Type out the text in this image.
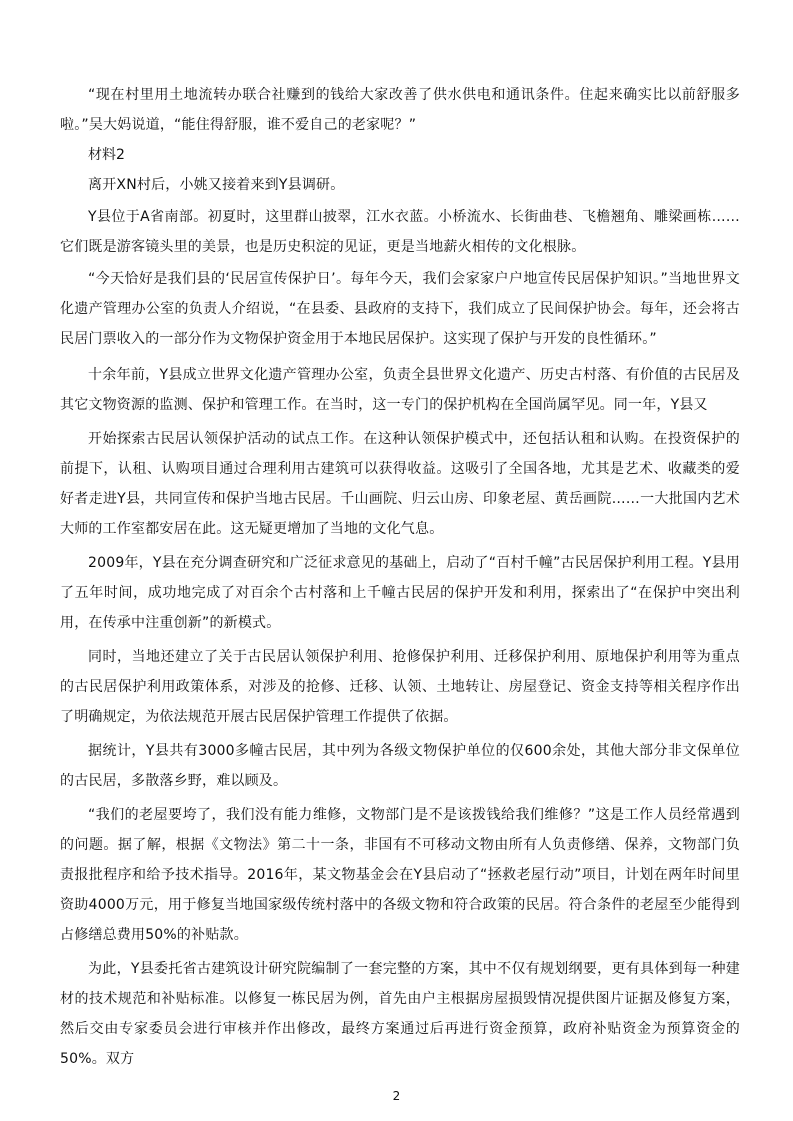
“现在村里用土地流转办联合社赚到的钱给大家改善了供水供电和通讯条件。住起来确实比以前舒服多啦。”吴大妈说道，“能住得舒服，谁不爱自己的老家呢？”

材料2

离开XN村后，小姚又接着来到Y县调研。

Y县位于A省南部。初夏时，这里群山披翠，江水衣蓝。小桥流水、长街曲巷、飞檐翘角、雕梁画栋……它们既是游客镜头里的美景，也是历史积淀的见证，更是当地薪火相传的文化根脉。

“今天恰好是我们县的‘民居宣传保护日’。每年今天，我们会家家户户地宣传民居保护知识。”当地世界文化遗产管理办公室的负责人介绍说，“在县委、县政府的支持下，我们成立了民间保护协会。每年，还会将古民居门票收入的一部分作为文物保护资金用于本地民居保护。这实现了保护与开发的良性循环。”

十余年前，Y县成立世界文化遗产管理办公室，负责全县世界文化遗产、历史古村落、有价值的古民居及其它文物资源的监测、保护和管理工作。在当时，这一专门的保护机构在全国尚属罕见。同一年，Y县又

开始探索古民居认领保护活动的试点工作。在这种认领保护模式中，还包括认租和认购。在投资保护的前提下，认租、认购项目通过合理利用古建筑可以获得收益。这吸引了全国各地，尤其是艺术、收藏类的爱好者走进Y县，共同宣传和保护当地古民居。千山画院、归云山房、印象老屋、黄岳画院……一大批国内艺术大师的工作室都安居在此。这无疑更增加了当地的文化气息。

2009年，Y县在充分调查研究和广泛征求意见的基础上，启动了“百村千幢”古民居保护利用工程。Y县用了五年时间，成功地完成了对百余个古村落和上千幢古民居的保护开发和利用，探索出了“在保护中突出利用，在传承中注重创新”的新模式。

同时，当地还建立了关于古民居认领保护利用、抢修保护利用、迁移保护利用、原地保护利用等为重点的古民居保护利用政策体系，对涉及的抢修、迁移、认领、土地转让、房屋登记、资金支持等相关程序作出了明确规定，为依法规范开展古民居保护管理工作提供了依据。

据统计，Y县共有3000多幢古民居，其中列为各级文物保护单位的仅600余处，其他大部分非文保单位的古民居，多散落乡野，难以顾及。

“我们的老屋要垮了，我们没有能力维修，文物部门是不是该拨钱给我们维修？”这是工作人员经常遇到的问题。据了解，根据《文物法》第二十一条，非国有不可移动文物由所有人负责修缮、保养，文物部门负责报批程序和给予技术指导。2016年，某文物基金会在Y县启动了“拯救老屋行动”项目，计划在两年时间里资助4000万元，用于修复当地国家级传统村落中的各级文物和符合政策的民居。符合条件的老屋至少能得到占修缮总费用50%的补贴款。

为此，Y县委托省古建筑设计研究院编制了一套完整的方案，其中不仅有规划纲要，更有具体到每一种建材的技术规范和补贴标准。以修复一栋民居为例，首先由户主根据房屋损毁情况提供图片证据及修复方案，然后交由专家委员会进行审核并作出修改，最终方案通过后再进行资金预算，政府补贴资金为预算资金的50%。双方

2
